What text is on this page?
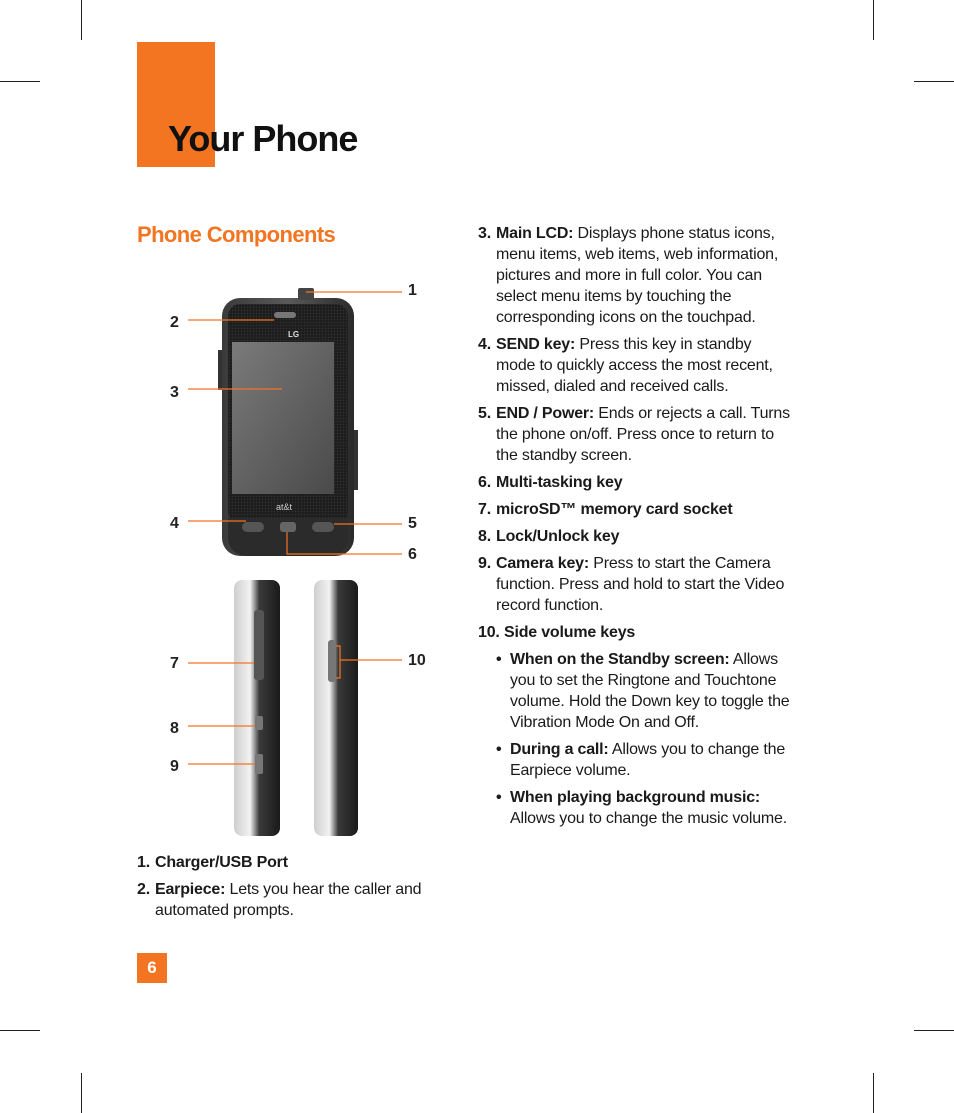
Your Phone
Phone Components
LG
at&t
1
2
3
4	5
6
7
8
9
10
1. Charger/USB Port
2. Earpiece: Lets you hear the caller and automated prompts.
3. Main LCD: Displays phone status icons, menu items, web items, web information, pictures and more in full color. You can select menu items by touching the corresponding icons on the touchpad.
4. SEND key: Press this key in standby mode to quickly access the most recent, missed, dialed and received calls.
5. END / Power: Ends or rejects a call. Turns the phone on/off. Press once to return to the standby screen.
6. Multi-tasking key
7. microSD™ memory card socket
8. Lock/Unlock key
9. Camera key: Press to start the Camera function. Press and hold to start the Video record function.
10. Side volume keys
• When on the Standby screen: Allows you to set the Ringtone and Touchtone volume. Hold the Down key to toggle the Vibration Mode On and Off.
• During a call: Allows you to change the Earpiece volume.
• When playing background music: Allows you to change the music volume.
6
